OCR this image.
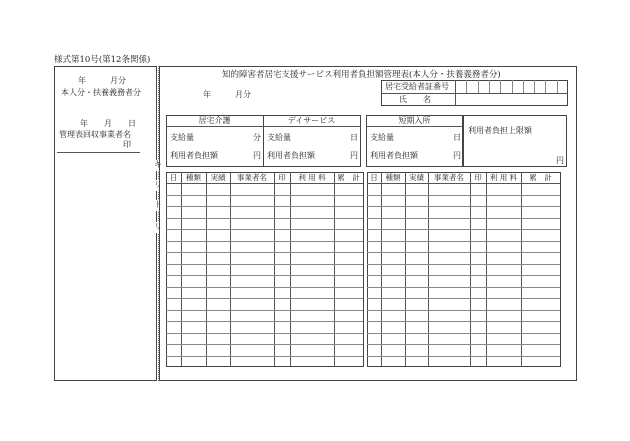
様式第10号(第12条関係)
年　　　月分
本人分・扶養義務者分
年　　月　　日
管理表回収事業者名
印
キ
リ
ト
リ
知的障害者居宅支援サービス利用者負担額管理表(本人分・扶養義務者分)
年　　　月分
居宅受給者証番号
氏　　名
居宅介護
支給量	分
利用者負担額	円
デイサービス
支給量	日
利用者負担額	円
短期入所
支給量	日
利用者負担額	円
利用者負担上限額
円
日	種類	実績	事業者名	印	利 用 料	累　計	日	種類	実績	事業者名	印	利 用 料	累　計
